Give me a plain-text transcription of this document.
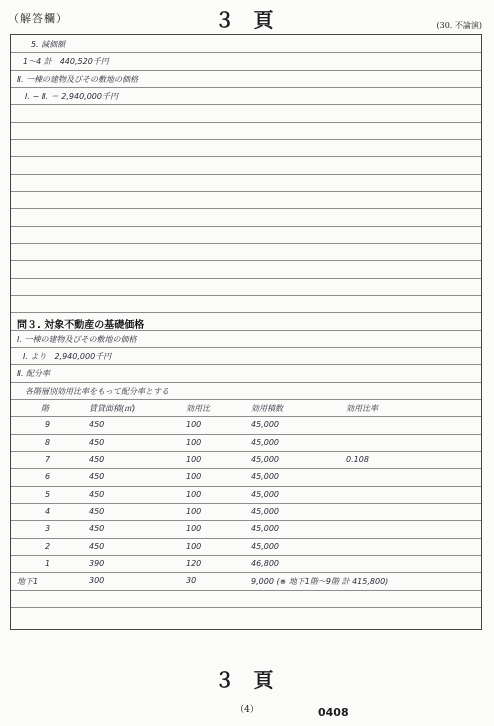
（解答欄）	３ 頁	(30. 不論演)
5. 減価額
1〜4 計　440,520千円
Ⅱ. 一棟の建物及びその敷地の価格
Ⅰ. − Ⅱ. ＝ 2,940,000千円
問３. 対象不動産の基礎価格
Ⅰ. 一棟の建物及びその敷地の価格
Ⅰ. より　2,940,000千円
Ⅱ. 配分率
各階層別効用比率をもって配分率とする
階	賃貸面積(㎡)	効用比	効用積数	効用比率
9	450	100	45,000
8	450	100	45,000
7	450	100	45,000	0.108
6	450	100	45,000
5	450	100	45,000
4	450	100	45,000
3	450	100	45,000
2	450	100	45,000
1	390	120	46,800
地下1	300	30	9,000 (※ 地下1階〜9階 計 415,800)
３ 頁
（4）	0408
